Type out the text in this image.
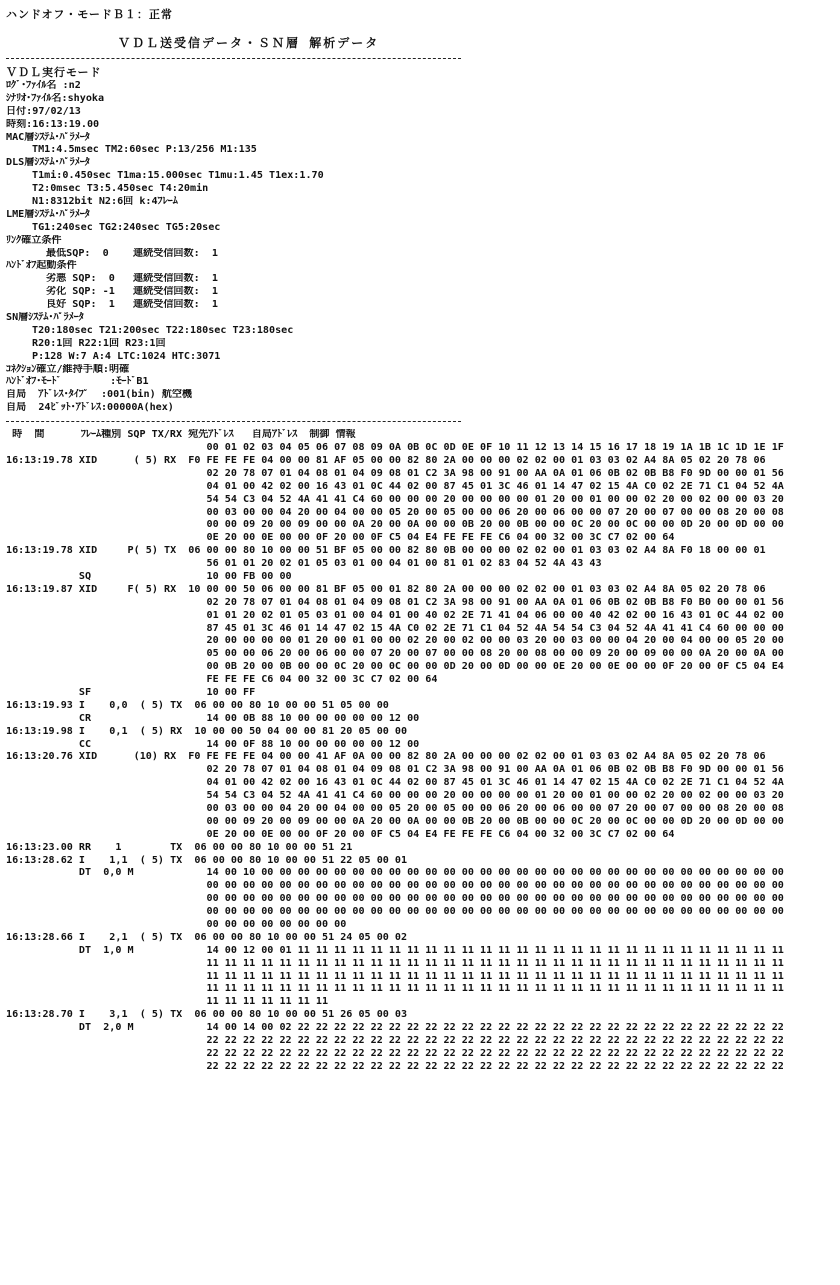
ハンドオフ・モードＢ１：正常
ＶＤＬ送受信データ・ＳＮ層 解析データ
ＶＤＬ実行モード
ﾛｸﾞ･ﾌｧｲﾙ名 :n2
ｼﾅﾘｵ･ﾌｧｲﾙ名:shyoka
日付:97/02/13
時刻:16:13:19.00
MAC層ｼｽﾃﾑ･ﾊﾟﾗﾒｰﾀ
TM1:4.5msec TM2:60sec P:13/256 M1:135
DLS層ｼｽﾃﾑ･ﾊﾟﾗﾒｰﾀ
T1mi:0.450sec T1ma:15.000sec T1mu:1.45 T1ex:1.70
T2:0msec T3:5.450sec T4:20min
N1:8312bit N2:6回 k:4ﾌﾚｰﾑ
LME層ｼｽﾃﾑ･ﾊﾟﾗﾒｰﾀ
TG1:240sec TG2:240sec TG5:20sec
ﾘﾝｸ確立条件
最低SQP:  0    連続受信回数:  1
ﾊﾝﾄﾞｵﾌ起動条件
劣悪 SQP:  0   連続受信回数:  1
劣化 SQP: -1   連続受信回数:  1
良好 SQP:  1   連続受信回数:  1
SN層ｼｽﾃﾑ･ﾊﾟﾗﾒｰﾀ
T20:180sec T21:200sec T22:180sec T23:180sec
R20:1回 R22:1回 R23:1回
P:128 W:7 A:4 LTC:1024 HTC:3071
ｺﾈｸｼｮﾝ確立/維持手順:明確
ﾊﾝﾄﾞｵﾌ･ﾓｰﾄﾞ        :ﾓｰﾄﾞB1
自局  ｱﾄﾞﾚｽ･ﾀｲﾌﾟ  :001(bin) 航空機
自局  24ﾋﾞｯﾄ･ｱﾄﾞﾚｽ:00000A(hex)
時  間      ﾌﾚｰﾑ種別 SQP TX/RX 宛先ｱﾄﾞﾚｽ   自局ｱﾄﾞﾚｽ  制御 情報
00 01 02 03 04 05 06 07 08 09 0A 0B 0C 0D 0E 0F 10 11 12 13 14 15 16 17 18 19 1A 1B 1C 1D 1E 1F
16:13:19.78 XID      ( 5) RX  F0 FE FE FE 04 00 00 81 AF 05 00 00 82 80 2A 00 00 00 02 02 00 01 03 03 02 A4 8A 05 02 20 78 06
02 20 78 07 01 04 08 01 04 09 08 01 C2 3A 98 00 91 00 AA 0A 01 06 0B 02 0B B8 F0 9D 00 00 01 56
04 01 00 42 02 00 16 43 01 0C 44 02 00 87 45 01 3C 46 01 14 47 02 15 4A C0 02 2E 71 C1 04 52 4A
54 54 C3 04 52 4A 41 41 C4 60 00 00 00 20 00 00 00 00 01 20 00 01 00 00 02 20 00 02 00 00 03 20
00 03 00 00 04 20 00 04 00 00 05 20 00 05 00 00 06 20 00 06 00 00 07 20 00 07 00 00 08 20 00 08
00 00 09 20 00 09 00 00 0A 20 00 0A 00 00 0B 20 00 0B 00 00 0C 20 00 0C 00 00 0D 20 00 0D 00 00
0E 20 00 0E 00 00 0F 20 00 0F C5 04 E4 FE FE FE C6 04 00 32 00 3C C7 02 00 64
16:13:19.78 XID     P( 5) TX  06 00 00 80 10 00 00 51 BF 05 00 00 82 80 0B 00 00 00 02 02 00 01 03 03 02 A4 8A F0 18 00 00 01
56 01 01 20 02 01 05 03 01 00 04 01 00 81 01 02 83 04 52 4A 43 43
SQ                   10 00 FB 00 00
16:13:19.87 XID     F( 5) RX  10 00 00 50 06 00 00 81 BF 05 00 01 82 80 2A 00 00 00 02 02 00 01 03 03 02 A4 8A 05 02 20 78 06
02 20 78 07 01 04 08 01 04 09 08 01 C2 3A 98 00 91 00 AA 0A 01 06 0B 02 0B B8 F0 B0 00 00 01 56
01 01 20 02 01 05 03 01 00 04 01 00 40 02 2E 71 41 04 06 00 00 40 42 02 00 16 43 01 0C 44 02 00
87 45 01 3C 46 01 14 47 02 15 4A C0 02 2E 71 C1 04 52 4A 54 54 C3 04 52 4A 41 41 C4 60 00 00 00
20 00 00 00 00 01 20 00 01 00 00 02 20 00 02 00 00 03 20 00 03 00 00 04 20 00 04 00 00 05 20 00
05 00 00 06 20 00 06 00 00 07 20 00 07 00 00 08 20 00 08 00 00 09 20 00 09 00 00 0A 20 00 0A 00
00 0B 20 00 0B 00 00 0C 20 00 0C 00 00 0D 20 00 0D 00 00 0E 20 00 0E 00 00 0F 20 00 0F C5 04 E4
FE FE FE C6 04 00 32 00 3C C7 02 00 64
SF                   10 00 FF
16:13:19.93 I    0,0  ( 5) TX  06 00 00 80 10 00 00 51 05 00 00
CR                   14 00 0B 88 10 00 00 00 00 00 12 00
16:13:19.98 I    0,1  ( 5) RX  10 00 00 50 04 00 00 81 20 05 00 00
CC                   14 00 0F 88 10 00 00 00 00 00 12 00
16:13:20.76 XID      (10) RX  F0 FE FE FE 04 00 00 41 AF 0A 00 00 82 80 2A 00 00 00 02 02 00 01 03 03 02 A4 8A 05 02 20 78 06
02 20 78 07 01 04 08 01 04 09 08 01 C2 3A 98 00 91 00 AA 0A 01 06 0B 02 0B B8 F0 9D 00 00 01 56
04 01 00 42 02 00 16 43 01 0C 44 02 00 87 45 01 3C 46 01 14 47 02 15 4A C0 02 2E 71 C1 04 52 4A
54 54 C3 04 52 4A 41 41 C4 60 00 00 00 20 00 00 00 00 01 20 00 01 00 00 02 20 00 02 00 00 03 20
00 03 00 00 04 20 00 04 00 00 05 20 00 05 00 00 06 20 00 06 00 00 07 20 00 07 00 00 08 20 00 08
00 00 09 20 00 09 00 00 0A 20 00 0A 00 00 0B 20 00 0B 00 00 0C 20 00 0C 00 00 0D 20 00 0D 00 00
0E 20 00 0E 00 00 0F 20 00 0F C5 04 E4 FE FE FE C6 04 00 32 00 3C C7 02 00 64
16:13:23.00 RR    1        TX  06 00 00 80 10 00 00 51 21
16:13:28.62 I    1,1  ( 5) TX  06 00 00 80 10 00 00 51 22 05 00 01
DT  0,0 M            14 00 10 00 00 00 00 00 00 00 00 00 00 00 00 00 00 00 00 00 00 00 00 00 00 00 00 00 00 00 00 00
00 00 00 00 00 00 00 00 00 00 00 00 00 00 00 00 00 00 00 00 00 00 00 00 00 00 00 00 00 00 00 00
00 00 00 00 00 00 00 00 00 00 00 00 00 00 00 00 00 00 00 00 00 00 00 00 00 00 00 00 00 00 00 00
00 00 00 00 00 00 00 00 00 00 00 00 00 00 00 00 00 00 00 00 00 00 00 00 00 00 00 00 00 00 00 00
00 00 00 00 00 00 00 00
16:13:28.66 I    2,1  ( 5) TX  06 00 00 80 10 00 00 51 24 05 00 02
DT  1,0 M            14 00 12 00 01 11 11 11 11 11 11 11 11 11 11 11 11 11 11 11 11 11 11 11 11 11 11 11 11 11 11 11
11 11 11 11 11 11 11 11 11 11 11 11 11 11 11 11 11 11 11 11 11 11 11 11 11 11 11 11 11 11 11 11
11 11 11 11 11 11 11 11 11 11 11 11 11 11 11 11 11 11 11 11 11 11 11 11 11 11 11 11 11 11 11 11
11 11 11 11 11 11 11 11 11 11 11 11 11 11 11 11 11 11 11 11 11 11 11 11 11 11 11 11 11 11 11 11
11 11 11 11 11 11 11
16:13:28.70 I    3,1  ( 5) TX  06 00 00 80 10 00 00 51 26 05 00 03
DT  2,0 M            14 00 14 00 02 22 22 22 22 22 22 22 22 22 22 22 22 22 22 22 22 22 22 22 22 22 22 22 22 22 22 22
22 22 22 22 22 22 22 22 22 22 22 22 22 22 22 22 22 22 22 22 22 22 22 22 22 22 22 22 22 22 22 22
22 22 22 22 22 22 22 22 22 22 22 22 22 22 22 22 22 22 22 22 22 22 22 22 22 22 22 22 22 22 22 22
22 22 22 22 22 22 22 22 22 22 22 22 22 22 22 22 22 22 22 22 22 22 22 22 22 22 22 22 22 22 22 22
